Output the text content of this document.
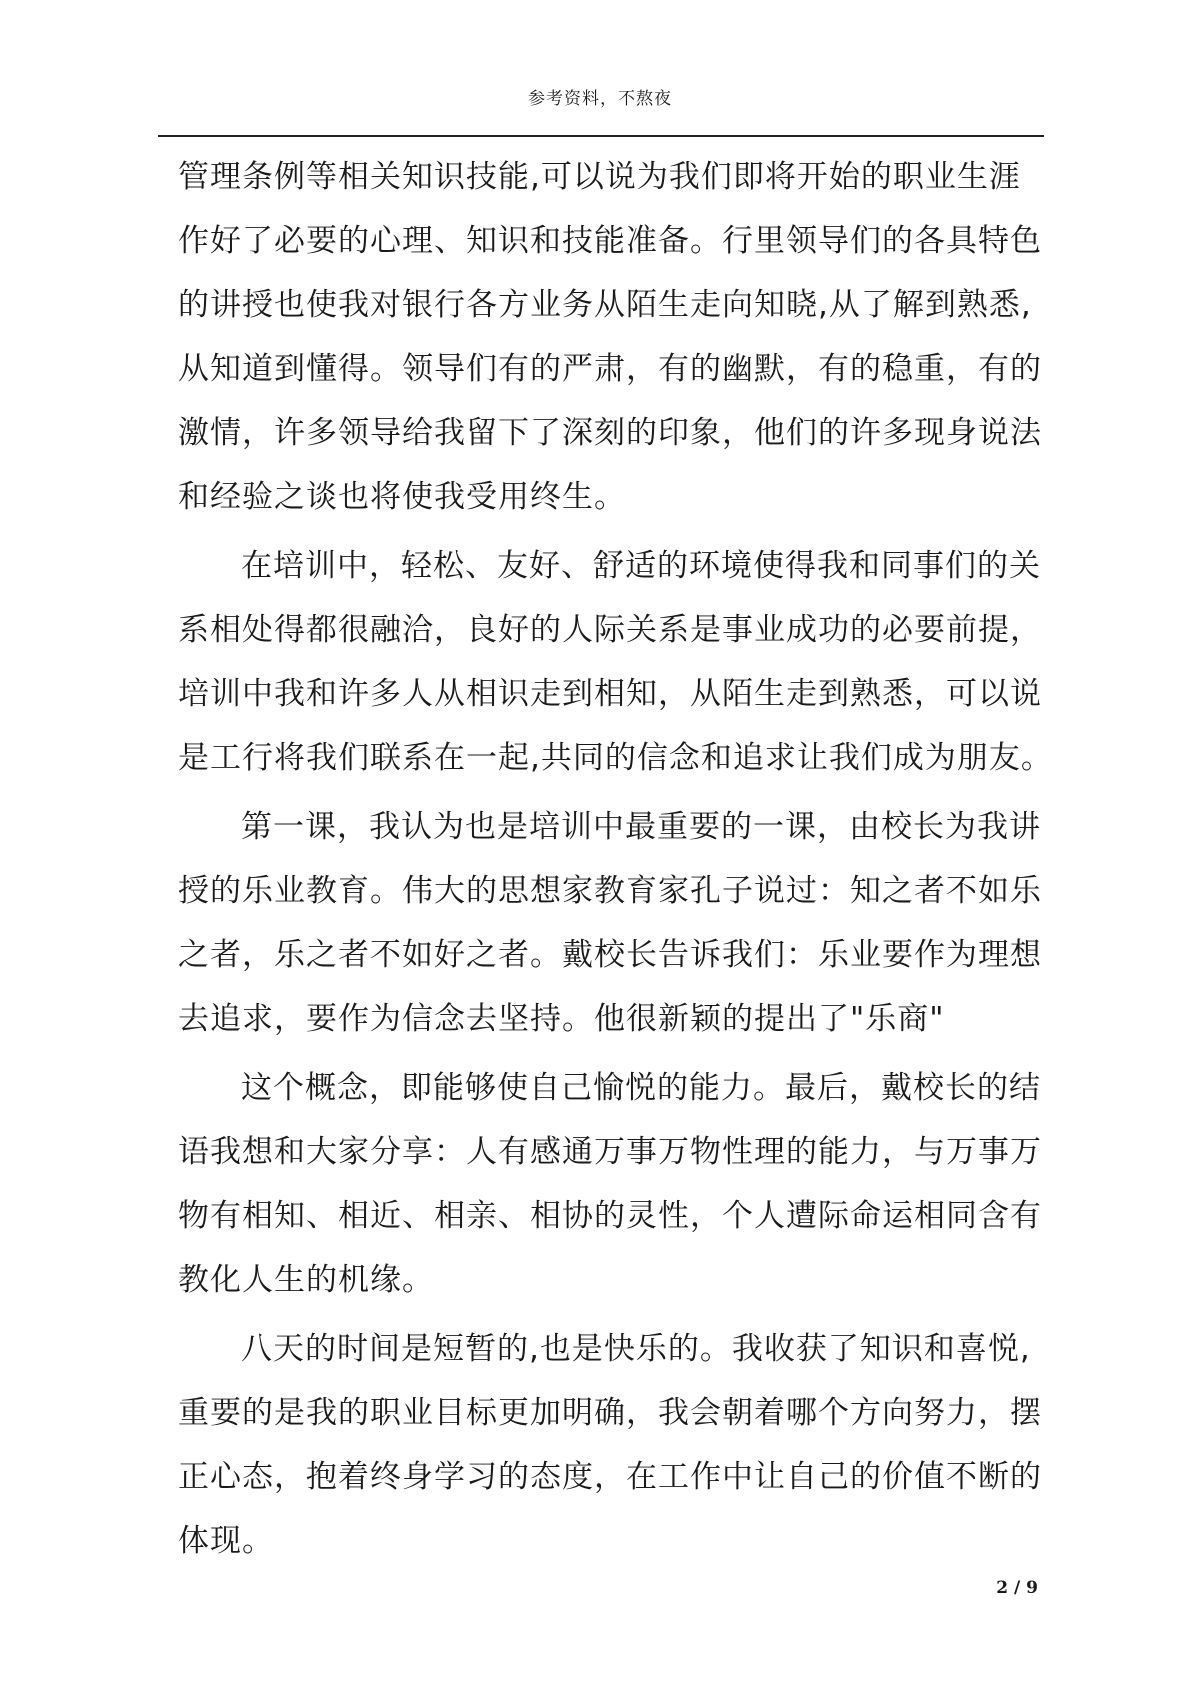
参考资料，不熬夜
管理条例等相关知识技能,可以说为我们即将开始的职业生涯
作好了必要的心理、知识和技能准备。行里领导们的各具特色
的讲授也使我对银行各方业务从陌生走向知晓,从了解到熟悉,
从知道到懂得。领导们有的严肃，有的幽默，有的稳重，有的
激情，许多领导给我留下了深刻的印象，他们的许多现身说法
和经验之谈也将使我受用终生。
在培训中，轻松、友好、舒适的环境使得我和同事们的关
系相处得都很融洽，良好的人际关系是事业成功的必要前提，
培训中我和许多人从相识走到相知，从陌生走到熟悉，可以说
是工行将我们联系在一起,共同的信念和追求让我们成为朋友。
第一课，我认为也是培训中最重要的一课，由校长为我讲
授的乐业教育。伟大的思想家教育家孔子说过：知之者不如乐
之者，乐之者不如好之者。戴校长告诉我们：乐业要作为理想
去追求，要作为信念去坚持。他很新颖的提出了"乐商"
这个概念，即能够使自己愉悦的能力。最后，戴校长的结
语我想和大家分享：人有感通万事万物性理的能力，与万事万
物有相知、相近、相亲、相协的灵性，个人遭际命运相同含有
教化人生的机缘。
八天的时间是短暂的,也是快乐的。我收获了知识和喜悦,
重要的是我的职业目标更加明确，我会朝着哪个方向努力，摆
正心态，抱着终身学习的态度，在工作中让自己的价值不断的
体现。
2 / 9
